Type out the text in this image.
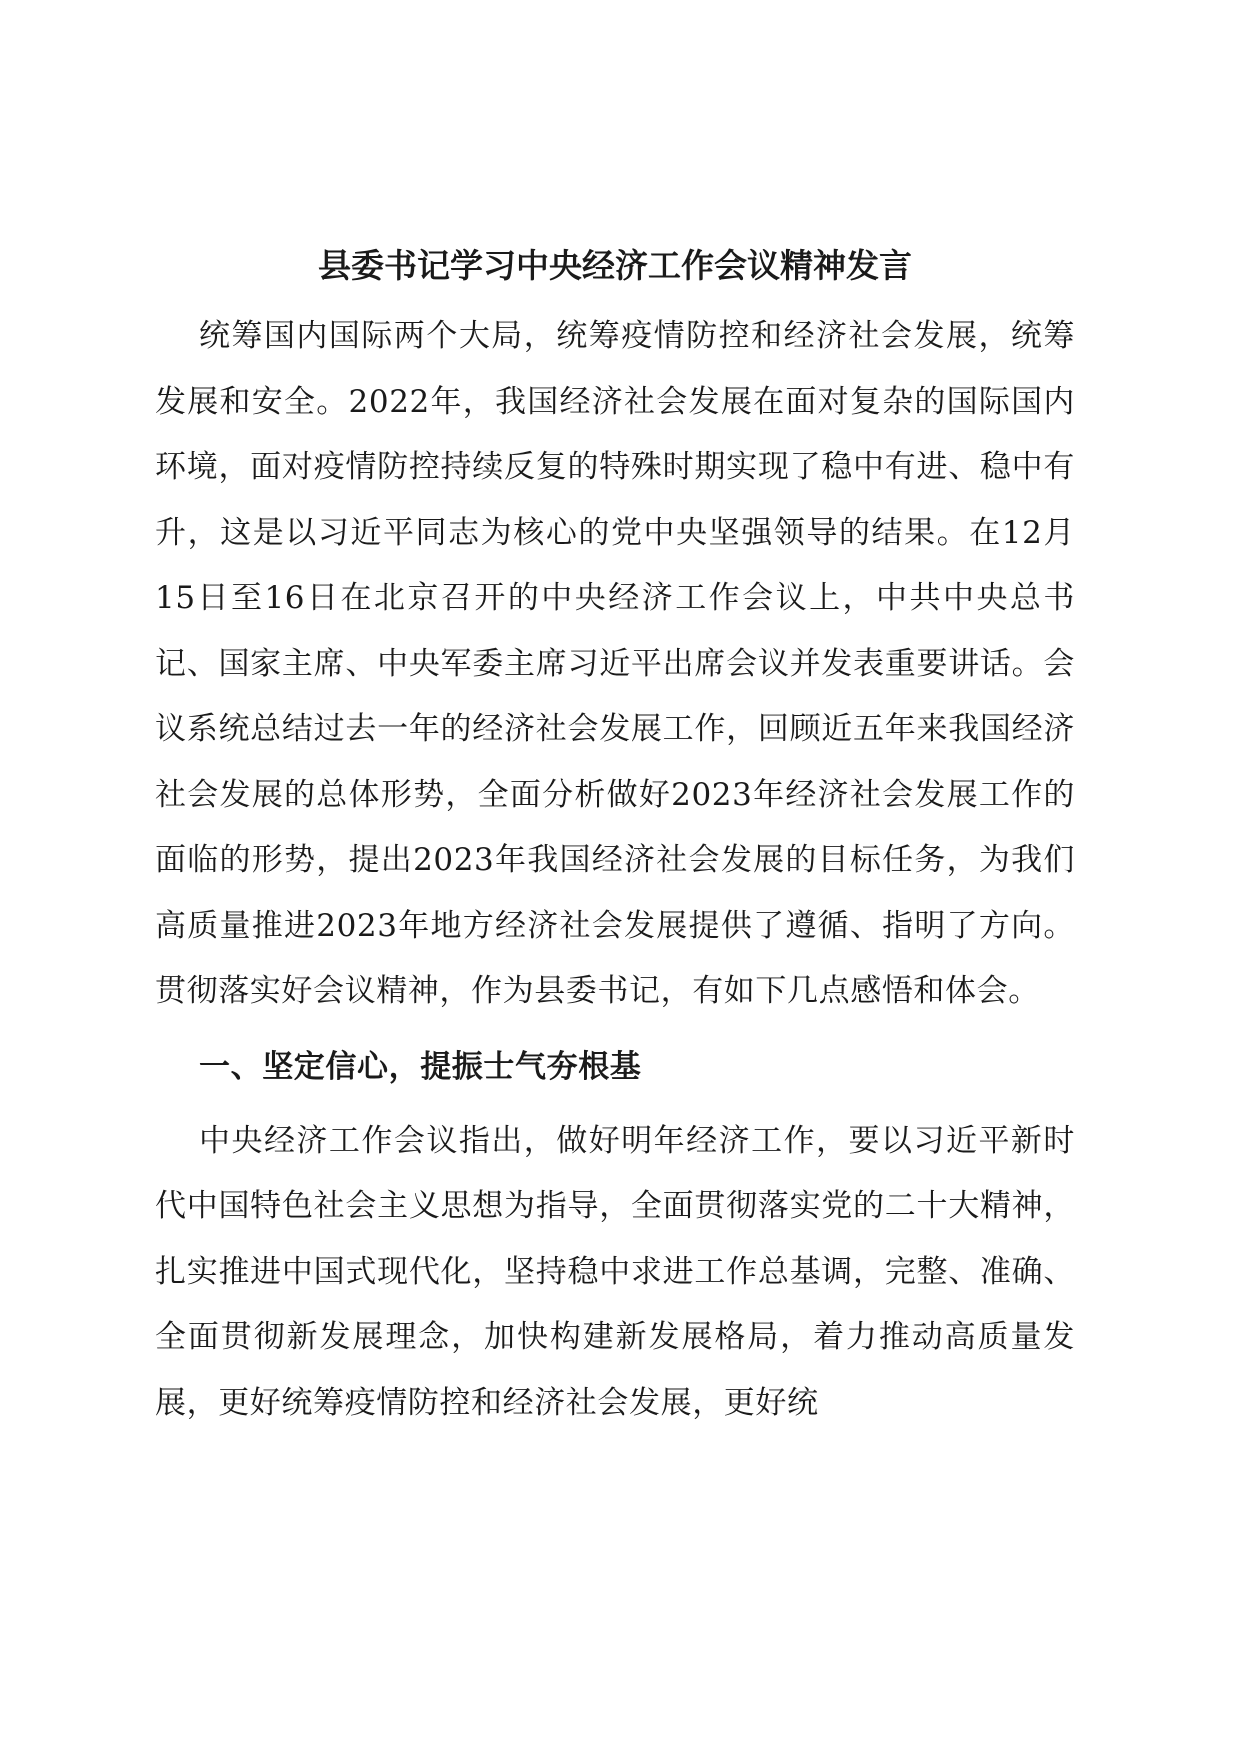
县委书记学习中央经济工作会议精神发言

统筹国内国际两个大局，统筹疫情防控和经济社会发展，统筹发展和安全。2022年，我国经济社会发展在面对复杂的国际国内环境，面对疫情防控持续反复的特殊时期实现了稳中有进、稳中有升，这是以习近平同志为核心的党中央坚强领导的结果。在12月15日至16日在北京召开的中央经济工作会议上，中共中央总书记、国家主席、中央军委主席习近平出席会议并发表重要讲话。会议系统总结过去一年的经济社会发展工作，回顾近五年来我国经济社会发展的总体形势，全面分析做好2023年经济社会发展工作的面临的形势，提出2023年我国经济社会发展的目标任务，为我们高质量推进2023年地方经济社会发展提供了遵循、指明了方向。贯彻落实好会议精神，作为县委书记，有如下几点感悟和体会。

一、坚定信心，提振士气夯根基

中央经济工作会议指出，做好明年经济工作，要以习近平新时代中国特色社会主义思想为指导，全面贯彻落实党的二十大精神，扎实推进中国式现代化，坚持稳中求进工作总基调，完整、准确、全面贯彻新发展理念，加快构建新发展格局，着力推动高质量发展，更好统筹疫情防控和经济社会发展，更好统
